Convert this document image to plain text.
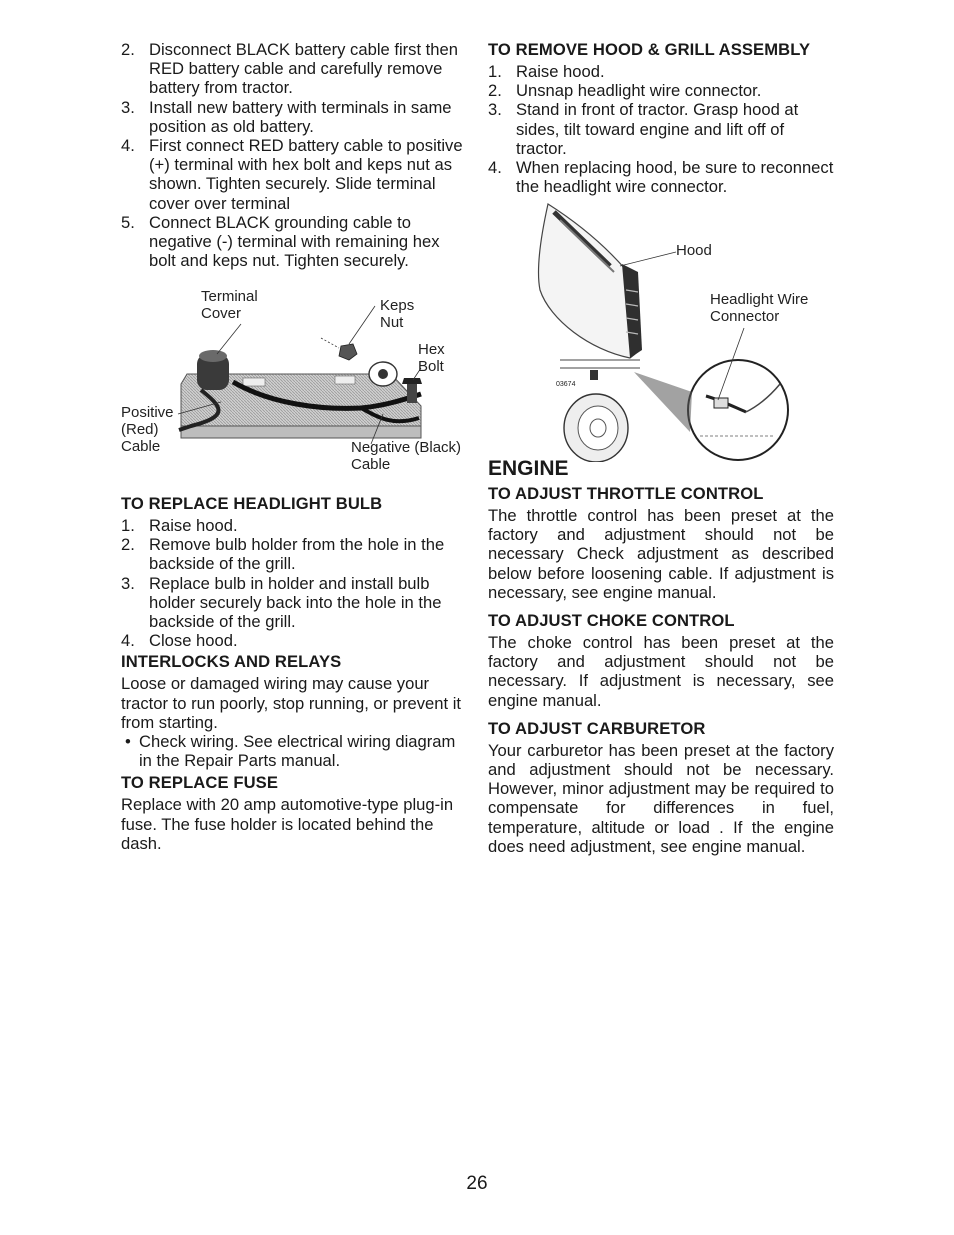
2. Disconnect BLACK battery cable first then RED battery cable and carefully remove battery from tractor.
3. Install new battery with terminals in same position as old battery.
4. First connect RED battery cable to positive (+) terminal with hex bolt and keps nut as shown. Tighten securely. Slide terminal cover over terminal
5. Connect BLACK grounding cable to negative (-) terminal with remaining hex bolt and keps nut. Tighten securely.
Terminal Cover	Keps Nut
Hex Bolt
Positive
(Red)
Cable	Negative (Black)
Cable
TO REPLACE HEADLIGHT BULB
1. Raise hood.
2. Remove bulb holder from the hole in the backside of the grill.
3. Replace bulb in holder and install bulb holder securely back into the hole in the backside of the grill.
4. Close hood.
INTERLOCKS AND RELAYS

Loose or damaged wiring may cause your tractor to run poorly, stop running, or prevent it from starting.

• Check wiring. See electrical wiring diagram in the Repair Parts manual.
TO REPLACE FUSE

Replace with 20 amp automotive-type plug-in fuse. The fuse holder is located behind the dash.

TO REMOVE HOOD & GRILL ASSEMBLY
1. Raise hood.
2. Unsnap headlight wire connector.
3. Stand in front of tractor. Grasp hood at sides, tilt toward engine and lift off of tractor.
4. When replacing hood, be sure to reconnect the headlight wire connector.
Hood
Headlight Wire
Connector
03674
ENGINE
TO ADJUST THROTTLE CONTROL

The throttle control has been preset at the factory and adjustment should not be necessary Check adjustment as described below before loosening cable. If adjustment is necessary, see engine manual.

TO ADJUST CHOKE CONTROL

The choke control has been preset at the factory and adjustment should not be necessary. If adjustment is necessary, see engine manual.

TO ADJUST CARBURETOR

Your carburetor has been preset at the factory and adjustment should not be necessary. However, minor adjustment may be required to compensate for differences in fuel, temperature, altitude or load . If the engine does need adjustment, see engine manual.

26
